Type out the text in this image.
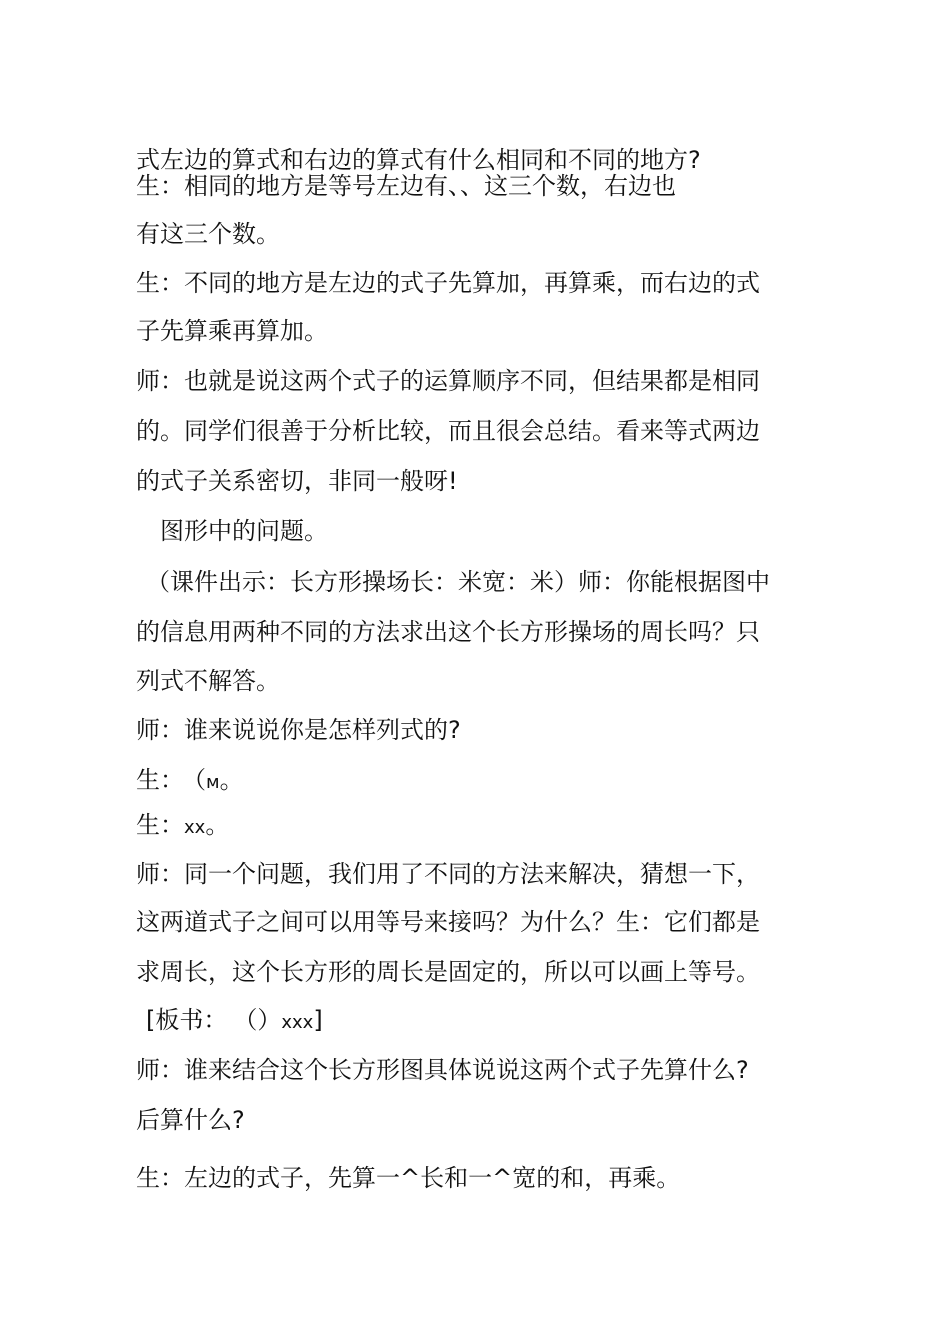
式左边的算式和右边的算式有什么相同和不同的地方?

生：相同的地方是等号左边有、、这三个数，右边也

有这三个数。

生：不同的地方是左边的式子先算加，再算乘，而右边的式

子先算乘再算加。

师：也就是说这两个式子的运算顺序不同，但结果都是相同

的。同学们很善于分析比较，而且很会总结。看来等式两边

的式子关系密切，非同一般呀!

图形中的问题。

（课件出示：长方形操场长：米宽：米）师：你能根据图中

的信息用两种不同的方法求出这个长方形操场的周长吗？只

列式不解答。

师：谁来说说你是怎样列式的?

生： （м。

生：xx。

师：同一个问题，我们用了不同的方法来解决，猜想一下，

这两道式子之间可以用等号来接吗？为什么？生：它们都是

求周长，这个长方形的周长是固定的，所以可以画上等号。

[板书： （）xxx]

师：谁来结合这个长方形图具体说说这两个式子先算什么?

后算什么?

生：左边的式子，先算一^长和一^宽的和，再乘。
